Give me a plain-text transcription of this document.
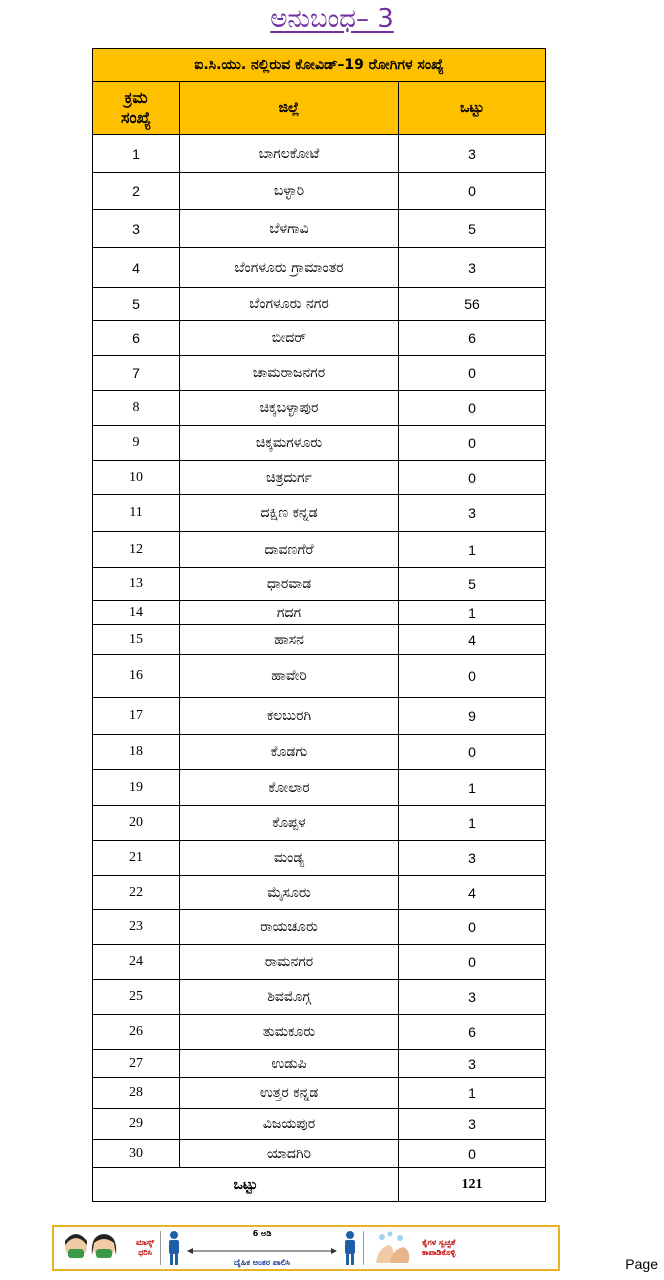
ಅನುಬಂಧ– 3
ಐ.ಸಿ.ಯು. ನಲ್ಲಿರುವ ಕೋವಿಡ್–19 ರೋಗಿಗಳ ಸಂಖ್ಯೆ		

ಕ್ರಮ
ಸಂಖ್ಯೆ	ಜಿಲ್ಲೆ	ಒಟ್ಟು
1	ಬಾಗಲಕೋಟೆ	3
2	ಬಳ್ಳಾರಿ	0
3	ಬೆಳಗಾವಿ	5
4	ಬೆಂಗಳೂರು ಗ್ರಾಮಾಂತರ	3
5	ಬೆಂಗಳೂರು ನಗರ	56
6	ಬೀದರ್	6
7	ಚಾಮರಾಜನಗರ	0
8	ಚಿಕ್ಕಬಳ್ಳಾಪುರ	0
9	ಚಿಕ್ಕಮಗಳೂರು	0
10	ಚಿತ್ರದುರ್ಗ	0
11	ದಕ್ಷಿಣ ಕನ್ನಡ	3
12	ದಾವಣಗೆರೆ	1
13	ಧಾರವಾಡ	5
14	ಗದಗ	1
15	ಹಾಸನ	4
16	ಹಾವೇರಿ	0
17	ಕಲಬುರಗಿ	9
18	ಕೊಡಗು	0
19	ಕೋಲಾರ	1
20	ಕೊಪ್ಪಳ	1
21	ಮಂಡ್ಯ	3
22	ಮೈಸೂರು	4
23	ರಾಯಚೂರು	0
24	ರಾಮನಗರ	0
25	ಶಿವಮೊಗ್ಗ	3
26	ತುಮಕೂರು	6
27	ಉಡುಪಿ	3
28	ಉತ್ತರ ಕನ್ನಡ	1
29	ವಿಜಯಪುರ	3
30	ಯಾದಗಿರಿ	0
ಒಟ್ಟು		121
ಮಾಸ್ಕ್
ಧರಿಸಿ
6 ಅಡಿ
ದೈಹಿಕ ಅಂತರ ಪಾಲಿಸಿ
ಕೈಗಳ ಸ್ವಚ್ಛತೆ
ಕಾಪಾಡಿಕೊಳ್ಳಿ
Page
